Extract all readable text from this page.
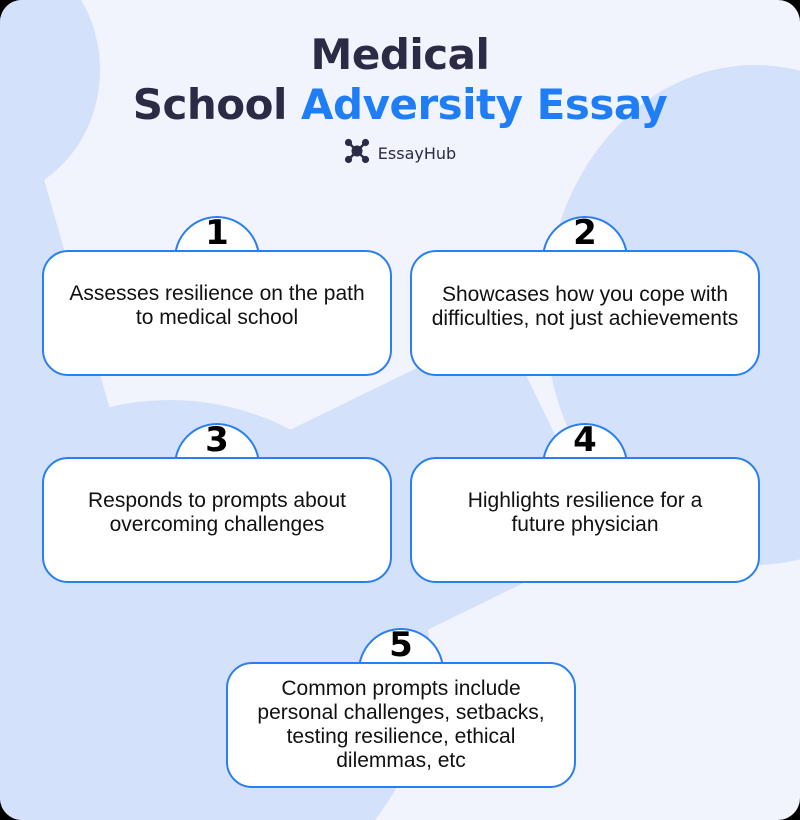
Medical
School Adversity Essay
EssayHub
1
Assesses resilience on the path to medical school
2
Showcases how you cope with difficulties, not just achievements
3
Responds to prompts about overcoming challenges
4
Highlights resilience for a future physician
5
Common prompts include personal challenges, setbacks, testing resilience, ethical dilemmas, etc
